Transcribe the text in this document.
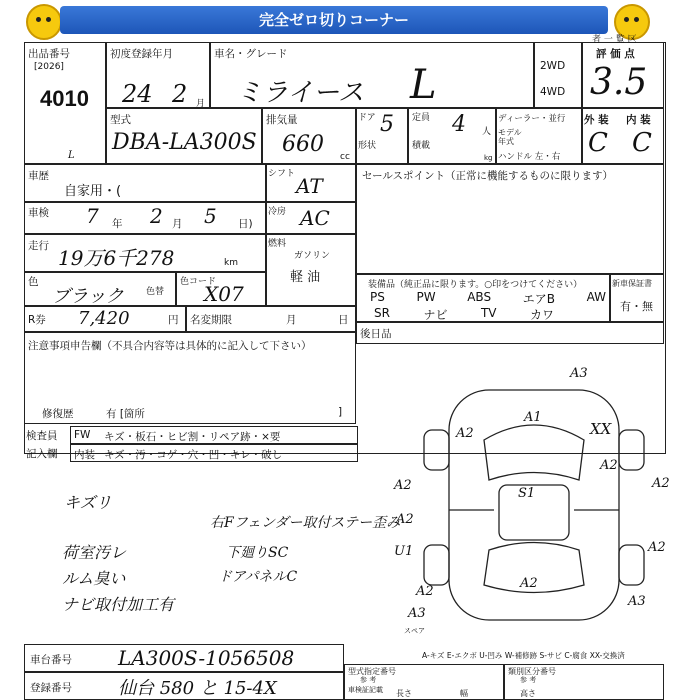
完全ゼロ切りコーナー
出品番号
[2026]
4010
L
初度登録年月
24 2 月
車名・グレード
ミライース L	2WD
4WD
評 価 点
3.5
者 一 覧 区
型式
DBA-LA300S
排気量
660 cc
ドア 5
形状
定員 4 人
積載
kg
ディーラー・並行
モデル年式
ハンドル 左・右
外 装 内 装
C C
車歴
自家用・(
シフト AT
車検 7 年 2 月 5 日)
冷房 AC
走行 19万6千278	km
燃料
ガソリン
軽 油
色
ブラック 色替
色コード
X07
R券 7,420	円 名変期限	月	日
セールスポイント（正常に機能するものに限ります）
装備品（純正品に限ります。○印をつけてください）
PS	PW	ABS	エアB	AW
SR	ナビ	TV	カワ
新車保証書
有・無
後日品
注意事項申告欄（不具合内容等は具体的に記入して下さい）
修復歴	有 [箇所	]
検査員
記入欄
FW キズ・板石・ヒビ割・リペア跡・×要
内装 キズ・汚・コゲ・穴・凹・キレ・破し
キズリ
荷室汚レ
ルム臭い
ナビ取付加工有
右Fフェンダー取付ステー歪み
下廻りSC
ドアパネルC
A3
A1
XX
A2
A2
A2	A2
A2
U1
S1
A2
A2
A2
A3
A3
スペア
A-キズ E-エクボ U-凹み W-補修跡 S-サビ C-腐食 XX-交換済
車台番号 LA300S-1056508
登録番号	仙台 580 と 15-4X
型式指定番号
参 考
車検証記載 長さ	幅
類別区分番号
参 考
高さ
